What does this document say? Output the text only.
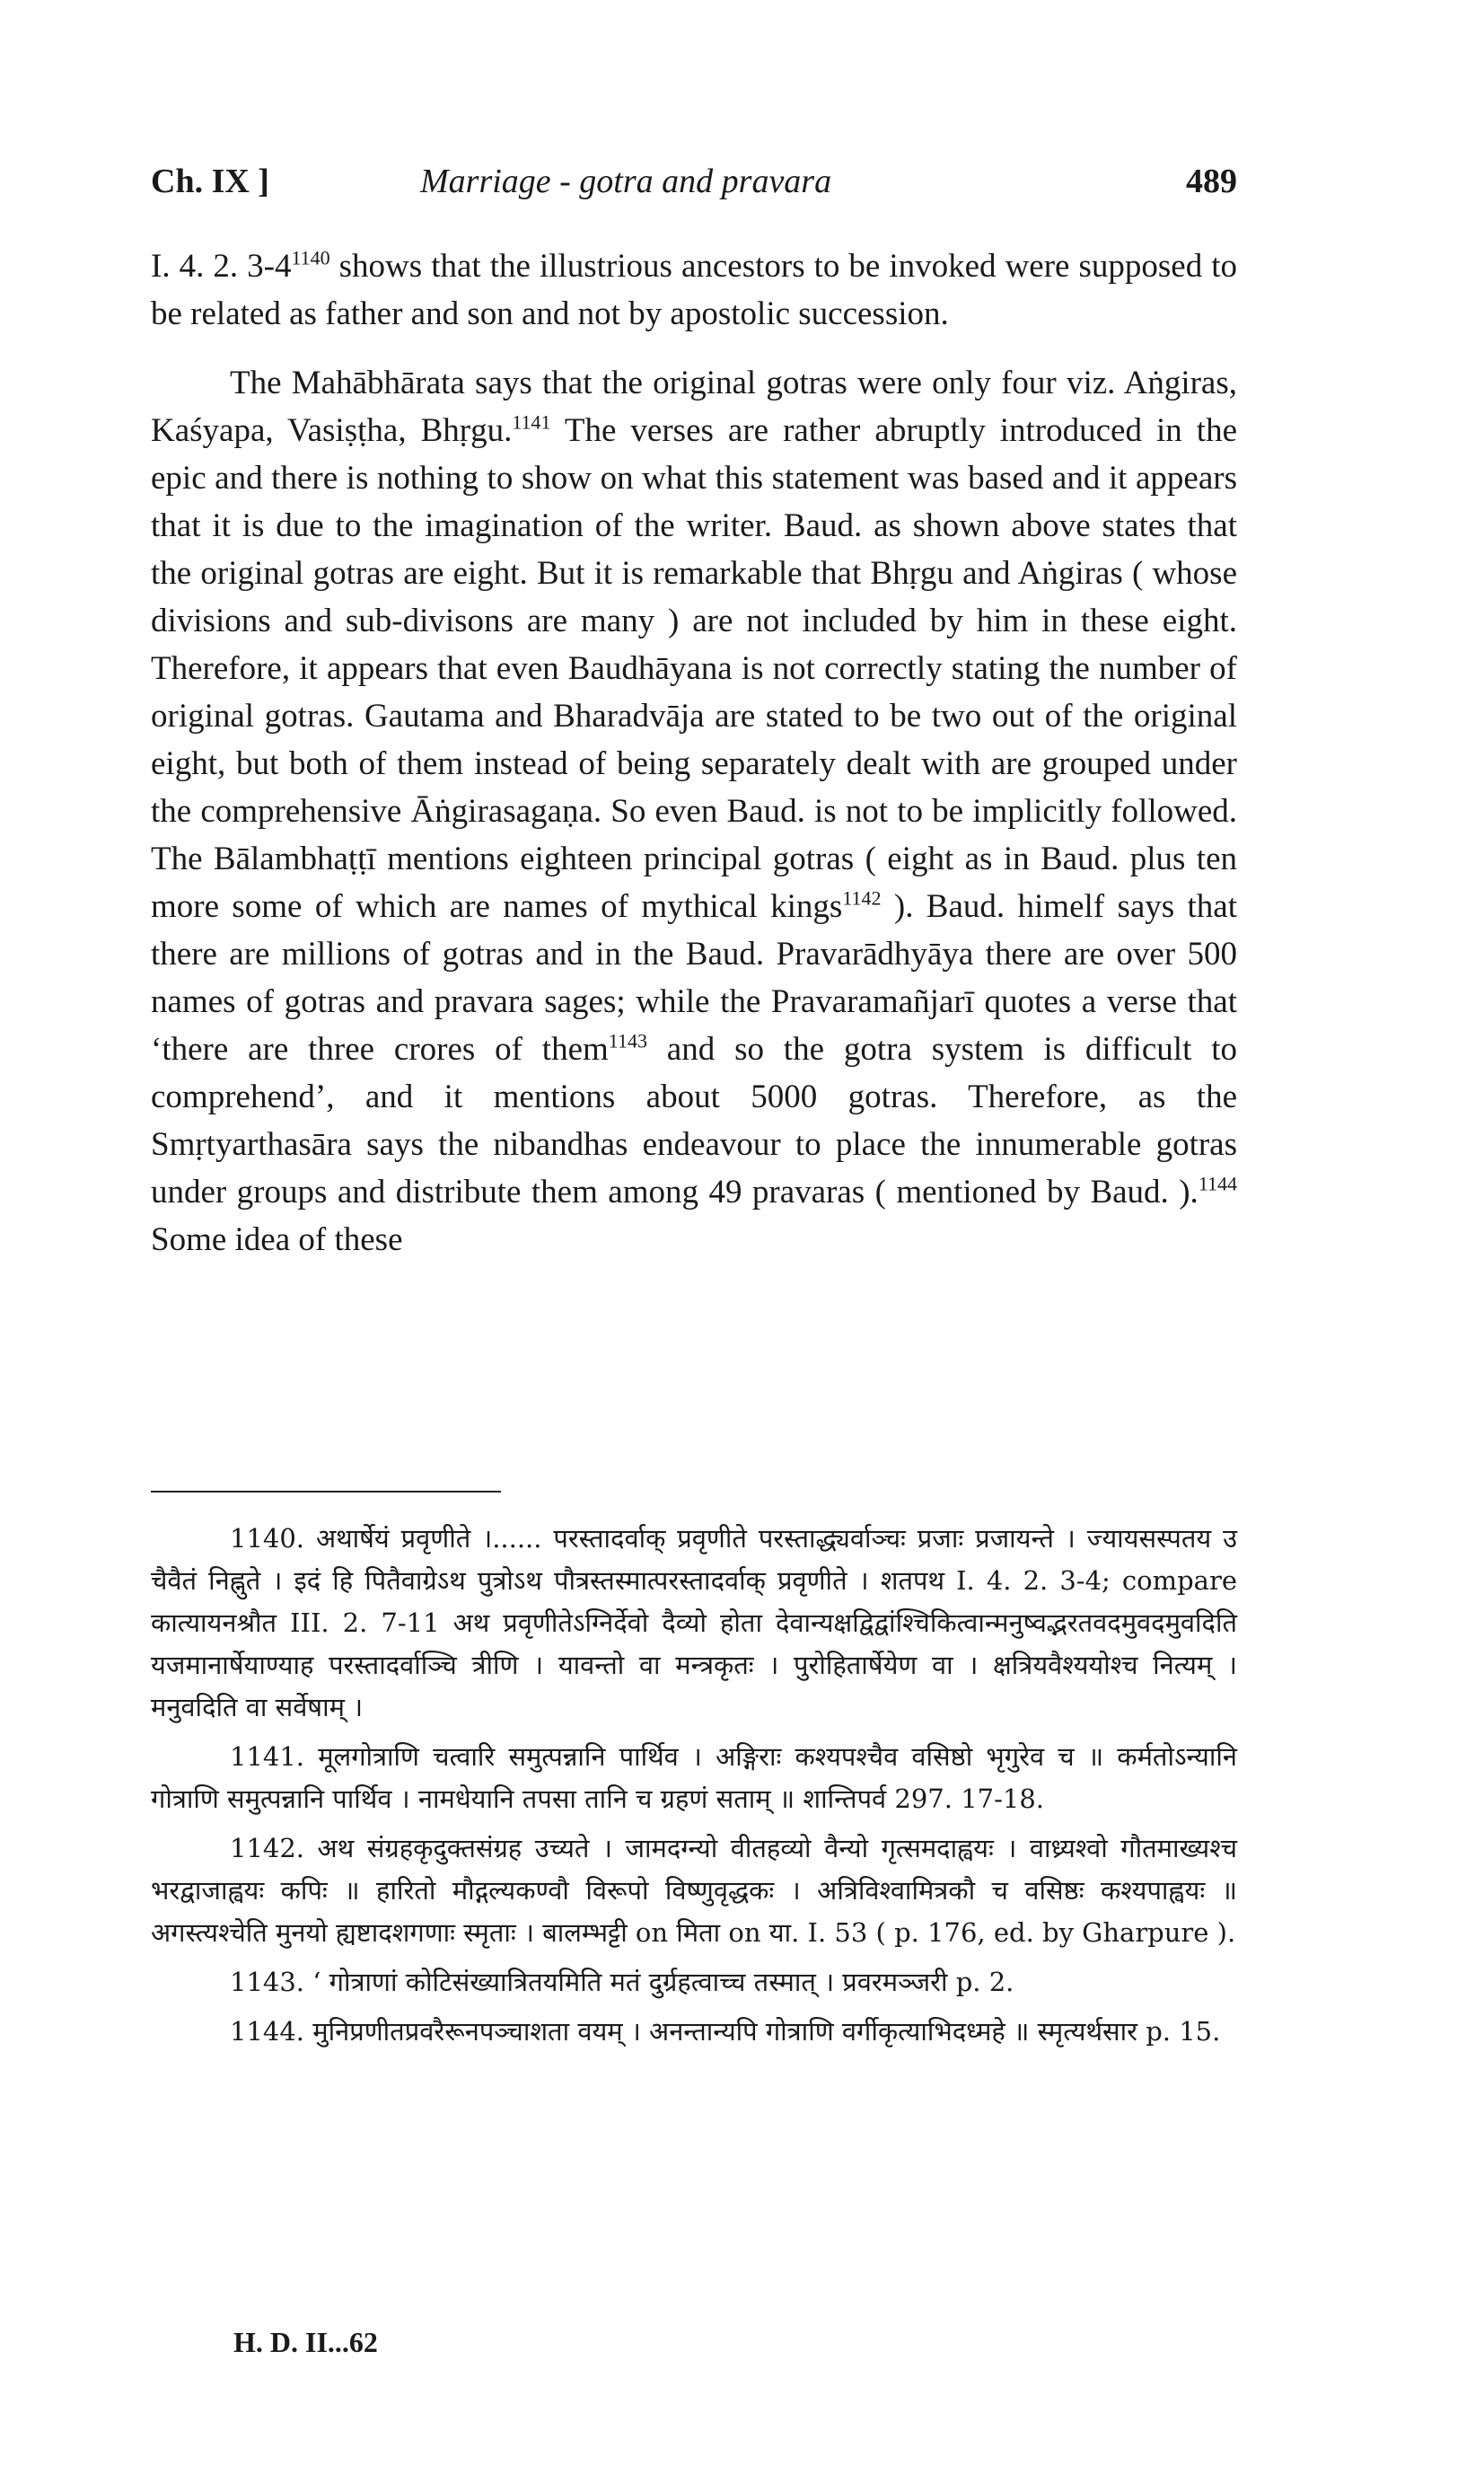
Ch. IX ]	Marriage - gotra and pravara	489

I. 4. 2. $3-4^{1140}$ shows that the illustrious ancestors to be invoked were supposed to be related as father and son and not by apostolic succession.

The Mahābhārata says that the original gotras were only four viz. Aṅgiras, Kaśyapa, Vasiṣṭha, Bhṛgu.$^{1141}$ The verses are rather abruptly introduced in the epic and there is nothing to show on what this statement was based and it appears that it is due to the imagination of the writer. Baud. as shown above states that the original gotras are eight. But it is remarkable that Bhṛgu and Aṅgiras ( whose divisions and sub-divisons are many ) are not included by him in these eight. Therefore, it appears that even Baudhāyana is not correctly stating the number of original gotras. Gautama and Bharadvāja are stated to be two out of the original eight, but both of them instead of being separately dealt with are grouped under the comprehensive Āṅgirasagaṇa. So even Baud. is not to be implicitly followed. The Bālambhaṭṭī mentions eighteen principal gotras ( eight as in Baud. plus ten more some of which are names of mythical kings$^{1142}$ ). Baud. himelf says that there are millions of gotras and in the Baud. Pravarādhyāya there are over 500 names of gotras and pravara sages; while the Pravaramañjarī quotes a verse that ‘there are three crores of them$^{1143}$ and so the gotra system is difficult to comprehend’, and it mentions about 5000 gotras. Therefore, as the Smṛtyarthasāra says the nibandhas endeavour to place the innumerable gotras under groups and distribute them among 49 pravaras ( mentioned by Baud. ).$^{1144}$ Some idea of these

1140. अथार्षेयं प्रवृणीते ।...... परस्तादर्वाक् प्रवृणीते परस्ताद्ध्यर्वाञ्चः प्रजाः प्रजायन्ते । ज्यायसस्पतय उ चैवैतं निह्नुते । इदं हि पितैवाग्रेऽथ पुत्रोऽथ पौत्रस्तस्मात्परस्तादर्वाक् प्रवृणीते । शतपथ I. 4. 2. 3-4; compare कात्यायनश्रौत III. 2. 7-11 अथ प्रवृणीतेऽग्निर्देवो दैव्यो होता देवान्यक्षद्विद्वांश्चिकित्वान्मनुष्वद्भरतवदमुवदमुवदिति यजमानार्षेयाण्याह परस्तादर्वाञ्चि त्रीणि । यावन्तो वा मन्त्रकृतः । पुरोहितार्षेयेण वा । क्षत्रियवैश्ययोश्च नित्यम् । मनुवदिति वा सर्वेषाम् ।

1141. मूलगोत्राणि चत्वारि समुत्पन्नानि पार्थिव । अङ्गिराः कश्यपश्चैव वसिष्ठो भृगुरेव च ॥ कर्मतोऽन्यानि गोत्राणि समुत्पन्नानि पार्थिव । नामधेयानि तपसा तानि च ग्रहणं सताम् ॥ शान्तिपर्व 297. 17-18.

1142. अथ संग्रहकृदुक्तसंग्रह उच्यते । जामदग्न्यो वीतहव्यो वैन्यो गृत्समदाह्वयः । वाध्र्यश्वो गौतमाख्यश्च भरद्वाजाह्वयः कपिः ॥ हारितो मौद्गल्यकण्वौ विरूपो विष्णुवृद्धकः । अत्रिविश्वामित्रकौ च वसिष्ठः कश्यपाह्वयः ॥ अगस्त्यश्चेति मुनयो ह्यष्टादशगणाः स्मृताः । बालम्भट्टी on मिता on या. I. 53 ( p. 176, ed. by Gharpure ).

1143. ‘ गोत्राणां कोटिसंख्यात्रितयमिति मतं दुर्ग्रहत्वाच्च तस्मात् । प्रवरमञ्जरी p. 2.

1144. मुनिप्रणीतप्रवरैरूनपञ्चाशता वयम् । अनन्तान्यपि गोत्राणि वर्गीकृत्याभिदध्महे ॥ स्मृत्यर्थसार p. 15.

H. D. II...62
